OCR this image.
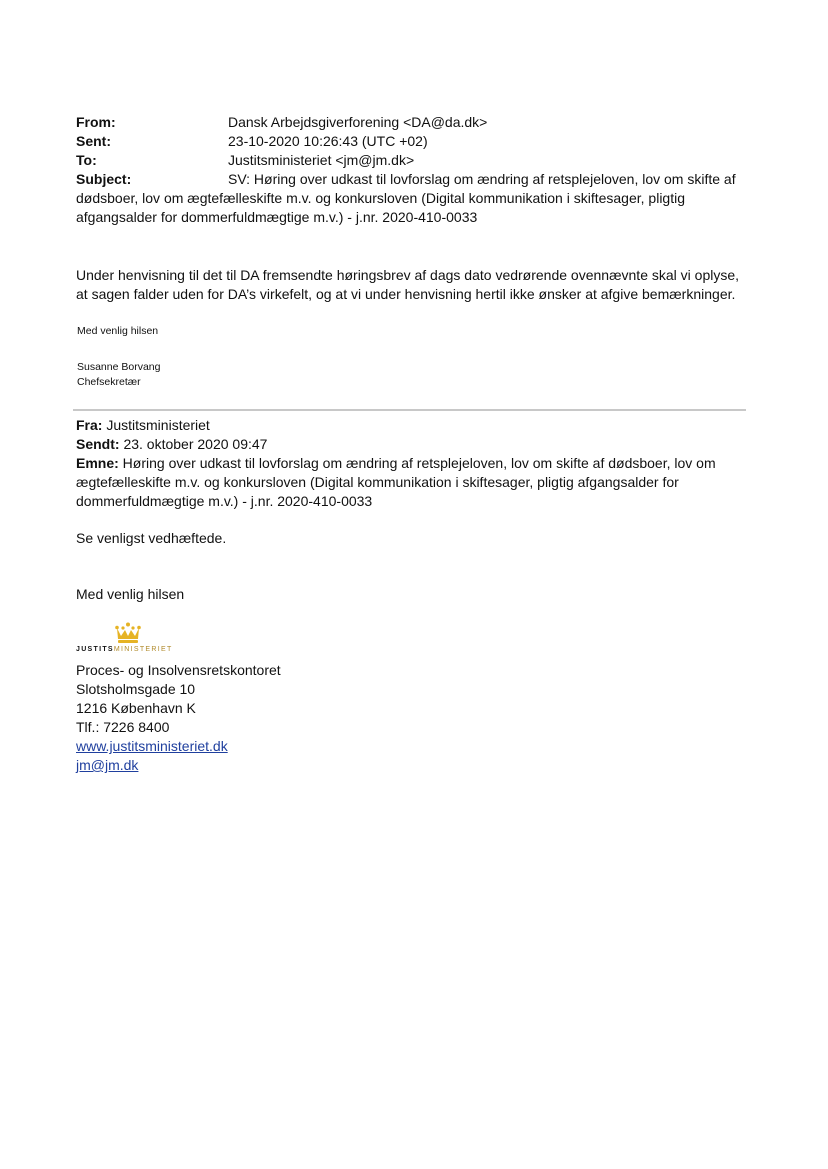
From:	Dansk Arbejdsgiverforening <DA@da.dk>
Sent:	23-10-2020 10:26:43 (UTC +02)
To:	Justitsministeriet <jm@jm.dk>
Subject:	SV: Høring over udkast til lovforslag om ændring af retsplejeloven, lov om skifte af
dødsboer, lov om ægtefælleskifte m.v. og konkursloven (Digital kommunikation i skiftesager, pligtig
afgangsalder for dommerfuldmægtige m.v.) - j.nr. 2020-410-0033
Under henvisning til det til DA fremsendte høringsbrev af dags dato vedrørende ovennævnte skal vi oplyse,
at sagen falder uden for DA’s virkefelt, og at vi under henvisning hertil ikke ønsker at afgive bemærkninger.
Med venlig hilsen
Susanne Borvang
Chefsekretær
Fra: Justitsministeriet
Sendt: 23. oktober 2020 09:47
Emne: Høring over udkast til lovforslag om ændring af retsplejeloven, lov om skifte af dødsboer, lov om
ægtefælleskifte m.v. og konkursloven (Digital kommunikation i skiftesager, pligtig afgangsalder for
dommerfuldmægtige m.v.) - j.nr. 2020-410-0033
Se venligst vedhæftede.
Med venlig hilsen
JUSTITSMINISTERIET
Proces- og Insolvensretskontoret
Slotsholmsgade 10
1216 København K
Tlf.: 7226 8400
www.justitsministeriet.dk
jm@jm.dk
